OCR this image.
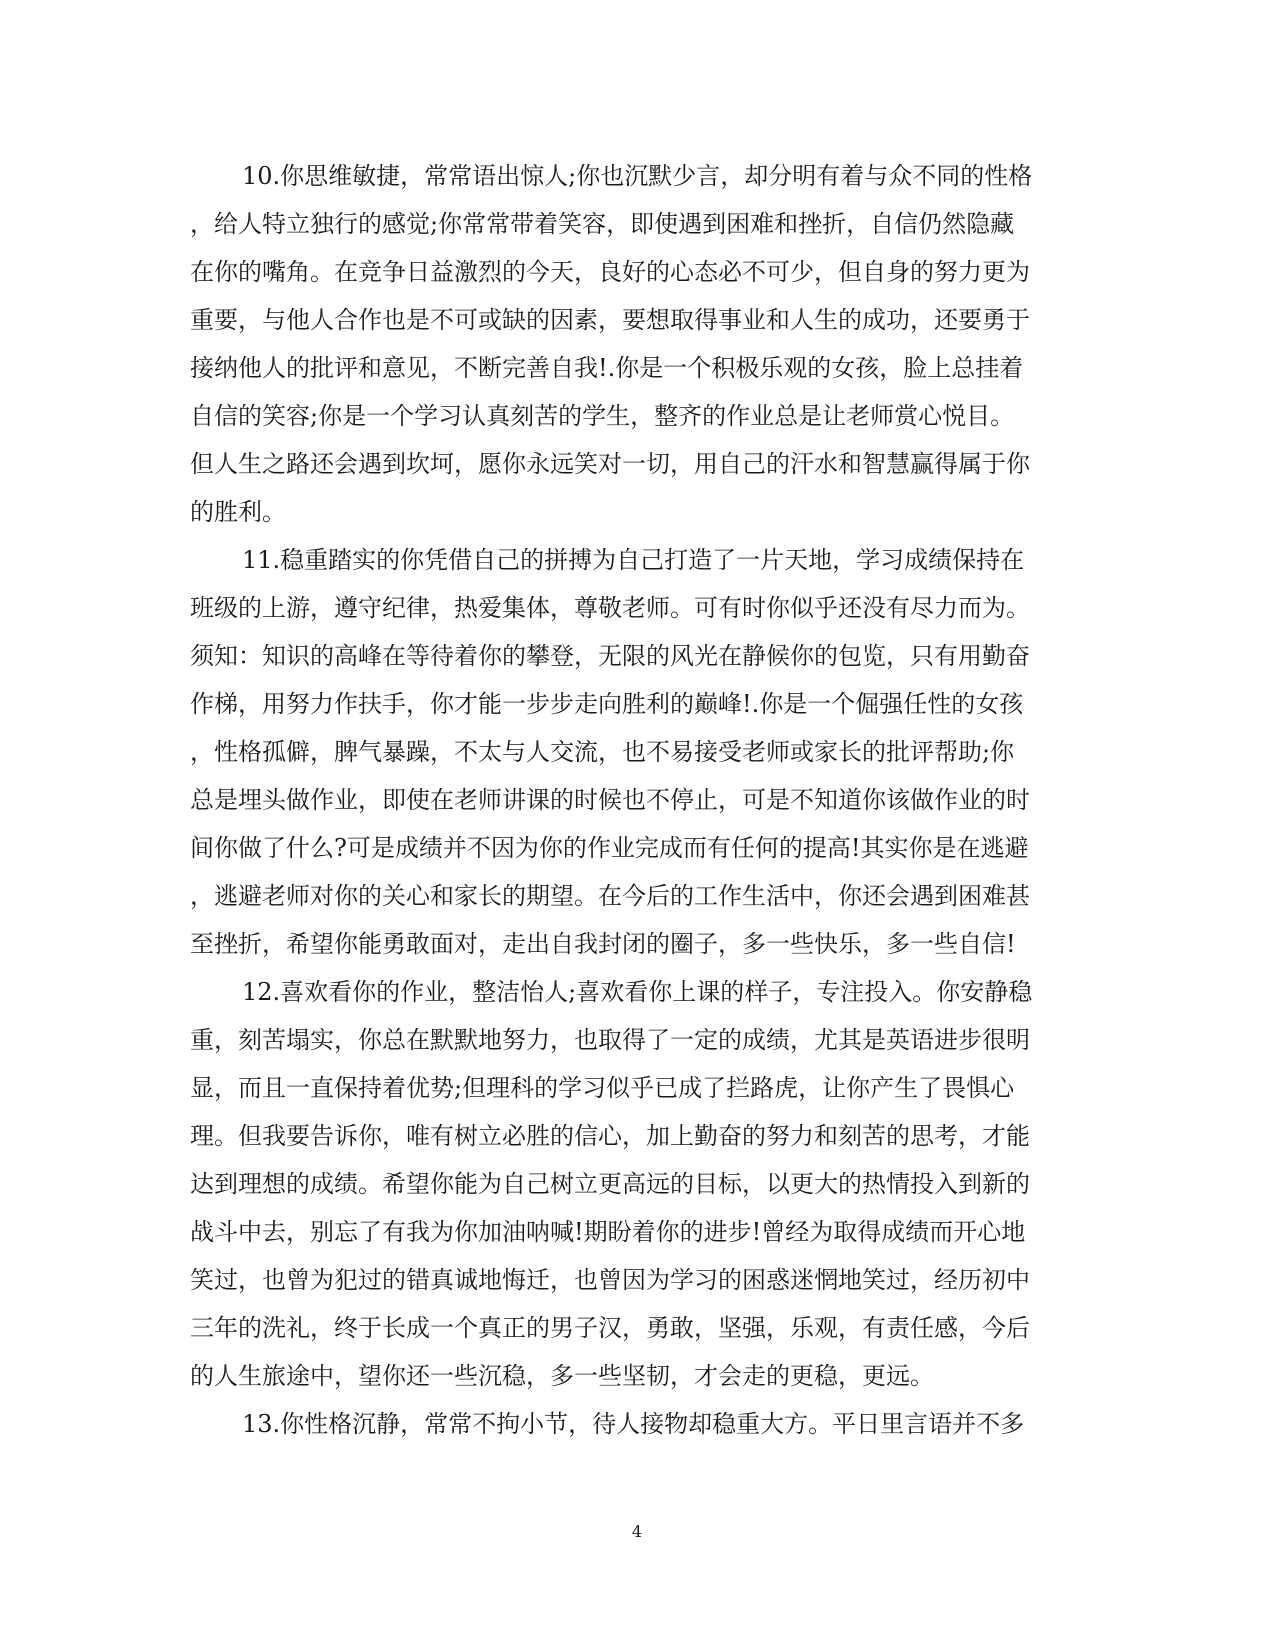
10.你思维敏捷，常常语出惊人;你也沉默少言，却分明有着与众不同的性格
，给人特立独行的感觉;你常常带着笑容，即使遇到困难和挫折，自信仍然隐藏
在你的嘴角。在竞争日益激烈的今天，良好的心态必不可少，但自身的努力更为
重要，与他人合作也是不可或缺的因素，要想取得事业和人生的成功，还要勇于
接纳他人的批评和意见，不断完善自我!.你是一个积极乐观的女孩，脸上总挂着
自信的笑容;你是一个学习认真刻苦的学生，整齐的作业总是让老师赏心悦目。
但人生之路还会遇到坎坷，愿你永远笑对一切，用自己的汗水和智慧赢得属于你
的胜利。
11.稳重踏实的你凭借自己的拼搏为自己打造了一片天地，学习成绩保持在
班级的上游，遵守纪律，热爱集体，尊敬老师。可有时你似乎还没有尽力而为。
须知：知识的高峰在等待着你的攀登，无限的风光在静候你的包览，只有用勤奋
作梯，用努力作扶手，你才能一步步走向胜利的巅峰!.你是一个倔强任性的女孩
，性格孤僻，脾气暴躁，不太与人交流，也不易接受老师或家长的批评帮助;你
总是埋头做作业，即使在老师讲课的时候也不停止，可是不知道你该做作业的时
间你做了什么?可是成绩并不因为你的作业完成而有任何的提高!其实你是在逃避
，逃避老师对你的关心和家长的期望。在今后的工作生活中，你还会遇到困难甚
至挫折，希望你能勇敢面对，走出自我封闭的圈子，多一些快乐，多一些自信!
12.喜欢看你的作业，整洁怡人;喜欢看你上课的样子，专注投入。你安静稳
重，刻苦塌实，你总在默默地努力，也取得了一定的成绩，尤其是英语进步很明
显，而且一直保持着优势;但理科的学习似乎已成了拦路虎，让你产生了畏惧心
理。但我要告诉你，唯有树立必胜的信心，加上勤奋的努力和刻苦的思考，才能
达到理想的成绩。希望你能为自己树立更高远的目标，以更大的热情投入到新的
战斗中去，别忘了有我为你加油呐喊!期盼着你的进步!曾经为取得成绩而开心地
笑过，也曾为犯过的错真诚地悔迁，也曾因为学习的困惑迷惘地笑过，经历初中
三年的洗礼，终于长成一个真正的男子汉，勇敢，坚强，乐观，有责任感，今后
的人生旅途中，望你还一些沉稳，多一些坚韧，才会走的更稳，更远。
13.你性格沉静，常常不拘小节，待人接物却稳重大方。平日里言语并不多
4
